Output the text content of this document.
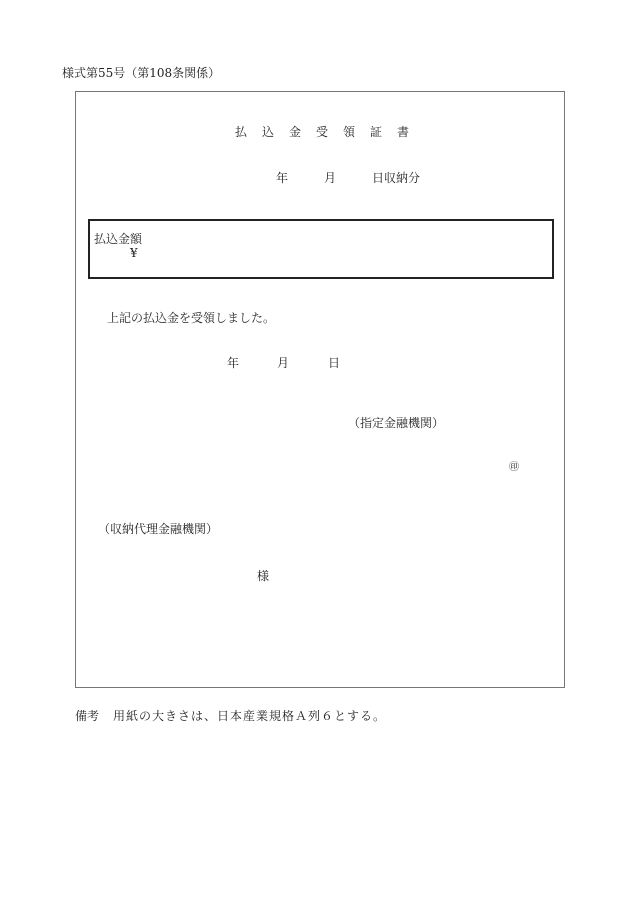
様式第55号（第108条関係）
払込金受領証書
年	月	日収納分
払込金額
¥
上記の払込金を受領しました。
年	月	日
（指定金融機関）
㊞
（収納代理金融機関）
様
備考 用紙の大きさは、日本産業規格Ａ列６とする。
